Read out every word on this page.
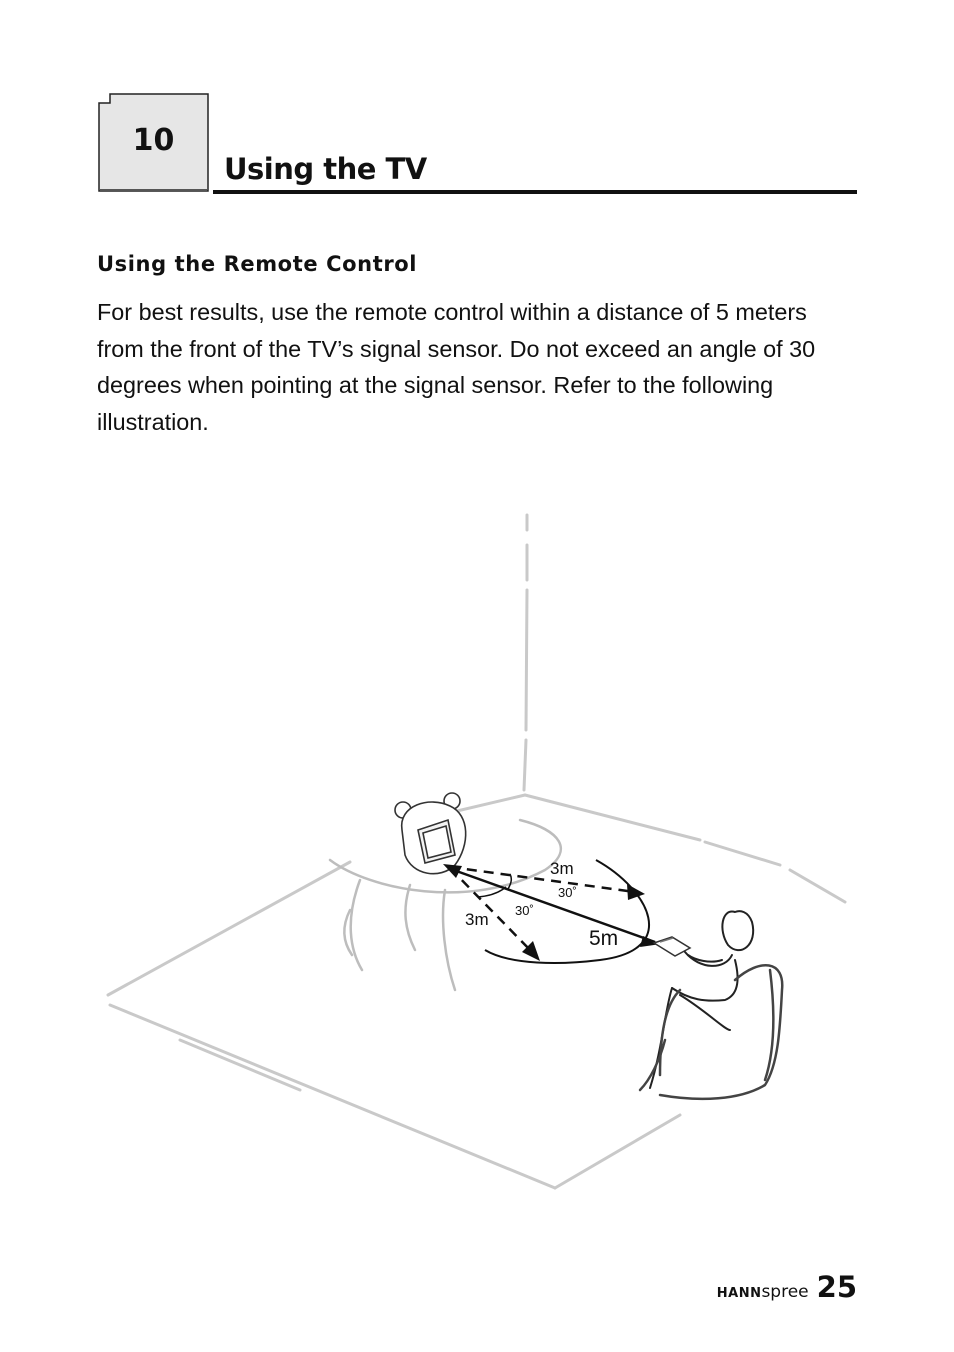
10
Using the TV
Using the Remote Control
For best results, use the remote control within a distance of 5 meters
from the front of the TV’s signal sensor. Do not exceed an angle of 30
degrees when pointing at the signal sensor. Refer to the following
illustration.
3m
30˚
3m 30˚
5m
HANNspree 25
